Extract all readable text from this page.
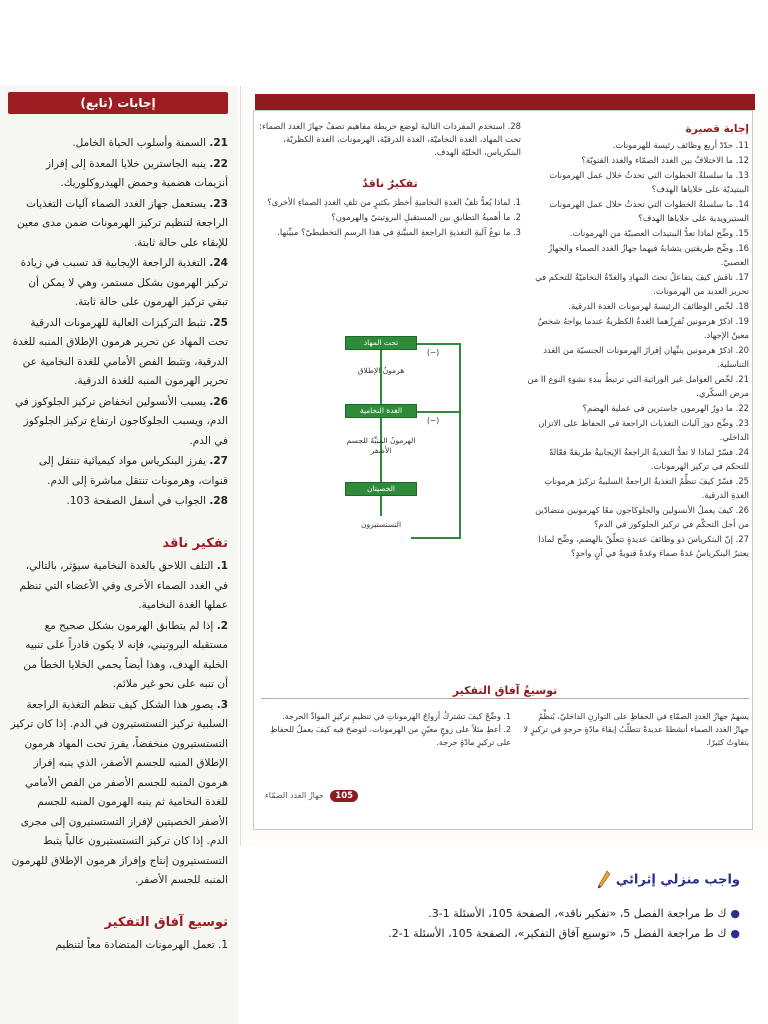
إجابات (تابع)

21. السمنة وأسلوب الحياة الخامل.

22. ينبه الجاسترين خلايا المعدة إلى إفراز أنزيمات هضمية وحمض الهيدروكلوريك.

23. يستعمل جهاز الغدد الصماء آليات التغذيات الراجعة لتنظيم تركيز الهرمونات ضمن مدى معين للإبقاء على حالة ثابتة.

24. التغذية الراجعة الإيجابية قد تسبب في زيادة تركيز الهرمون بشكل مستمر، وهي لا يمكن أن تبقي تركيز الهرمون على حالة ثابتة.

25. تثبط التركيزات العالية للهرمونات الدرقية تحت المهاد عن تحرير هرمون الإطلاق المنبه للغدة الدرقية، وتثبط الفص الأمامي للغدة النخامية عن تحرير الهرمون المنبه للغدة الدرقية.

26. يسبب الأنسولين انخفاض تركيز الجلوكوز في الدم، ويسبب الجلوكاجون ارتفاع تركيز الجلوكوز في الدم.

27. يفرز البنكرياس مواد كيميائية تنتقل إلى قنوات، وهرمونات تنتقل مباشرة إلى الدم.

28. الجواب في أسفل الصفحة 103.

تفكير ناقد

1. التلف اللاحق بالغدة النخامية سيؤثر، بالتالي، في الغدد الصماء الأخرى وفي الأعضاء التي تنظم عملها الغدة النخامية.

2. إذا لم يتطابق الهرمون بشكل صحيح مع مستقبله البروتيني، فإنه لا يكون قادراً على تنبيه الخلية الهدف، وهذا أيضاً يحمي الخلايا الخطأ من أن تنبه على نحو غير ملائم.

3. يصور هذا الشكل كيف تنظم التغذية الراجعة السلبية تركيز التستستيرون في الدم. إذا كان تركيز التستستيرون منخفضاً، يفرز تحت المهاد هرمون الإطلاق المنبه للجسم الأصفر، الذي ينبه إفراز هرمون المنبه للجسم الأصفر من الفص الأمامي للغدة النخامية ثم ينبه الهرمون المنبه للجسم الأصفر الخصيتين لإفراز التستستيرون إلى مجرى الدم. إذا كان تركيز التستستيرون عالياً يثبط التستستيرون إنتاج وإفراز هرمون الإطلاق للهرمون المنبه للجسم الأصفر.

توسيع آفاق التفكير

1. تعمل الهرمونات المتضادة معاً لتنظيم

إجابة قصيرة
11. حدّدْ أربع وظائف رئيسة للهرمونات.
12. ما الاختلافُ بين الغدد الصمّاء والغدد القنويّة؟
13. ما سلسلةُ الخطوات التي تحدثُ خلال عمل الهرمونات الببتيديّة على خلاياها الهدف؟
14. ما سلسلةُ الخطوات التي تحدثُ خلال عمل الهرمونات الستيرويدية على خلاياها الهدف؟
15. وضِّح لماذا تعدُّ الببتيدات العصبيّة من الهرمونات.
16. وضِّح طريقتين يتشابهُ فيهما جهازُ الغدد الصماء والجهازُ العصبيّ.
17. ناقش كيفَ يتفاعلُ تحتَ المهادِ والغدّةُ النخاميّةُ للتحكم في تحرير العديد من الهرمونات.
18. لخّص الوظائفَ الرئيسةَ لهرمونات الغدة الدرقية.
19. اذكرْ هرمونين تُفرِزُهما الغدةُ الكظريةُ عندما يواجهُ شخصٌ معينٌ الإجهاد.
20. اذكرْ هرمونين ينبِّهان إفرازَ الهرمونات الجنسيّة من الغدد التناسلية.
21. لخّص العوامل غير الوراثية التي ترتبطُ ببدءِ نشوءِ النوع II من مرض السكّري.
22. ما دورُ الهرمون جاسترين في عملية الهضم؟
23. وضِّح دورَ آليات التغذيات الراجعة في الحفاظ على الاتزان الداخلي.
24. فسّرْ لماذا لا تعدُّ التغذيةُ الراجعةُ الإيجابيةُ طريقةً فعّالةً للتحكم في تركيز الهرمونات.
25. فسّرْ كيفَ تنظِّمُ التغذيةُ الراجعةُ السلبيةُ تركيزَ هرموناتِ الغدةِ الدرقية.
26. كيفَ يعملُ الأنسولين والجلوكاجون معًا كهرمونين متضادّين من أجل التحكّم في تركيز الجلوكوز في الدم؟
27. إنّ البنكرياسَ ذو وظائفَ عديدةٍ تتعلّقُ بالهضم، وضِّح لماذا يعتبرُ البنكرياسُ غدةً صماءَ وغدةً قنويةً في آنٍ واحدٍ؟
28. استخدم المفردات التالية لوضع خريطة مفاهيم تصفُ جهازَ الغدد الصماء: تحت المهاد، الغدة النخاميّة، الغدة الدرقيّة، الهرمونات، الغدة الكظريّة، البنكرياس، الخليّة الهدف.
تفكيرٌ ناقدٌ
1. لماذا يُعدُّ تلفُ الغدةِ النخاميةِ أخطرَ بكثيرٍ من تلفِ الغددِ الصماءِ الأخرى؟
2. ما أهميةُ التطابقِ بين المستقبلِ البروتينيّ والهرمون؟
3. ما نوعُ آليةِ التغذيةِ الراجعةِ المبيَّنةِ في هذا الرسمِ التخطيطيّ؟ مبيِّنها.
تحت المهاد
هرمونُ الإطلاق
الغدة النخامية
الهرمونُ المنبِّهُ للجسم الأصفر
الخصيتان
التستستيرون
(−)
(−)
توسيعُ آفاق التفكير
يسهمُ جهازُ الغددِ الصمّاءِ في الحفاظِ على التوازنِ الداخليّ، يُنظِّمُ جهازُ الغدد الصماء أنشطةً عديدةً تتطلّبُ إبقاءَ مادّةٍ حرجةٍ في تركيزٍ لا يتفاوتُ كثيرًا.
1. وضِّحْ كيفَ تشتركُ أزواجُ الهرموناتِ في تنظيمِ تركيزِ الموادِّ الحرجة.
2. أعطِ مثلاً على زوجٍ معيّنٍ من الهرمونات، لتوضحَ فيه كيفَ يعملُ للحفاظِ على تركيزِ مادّةٍ حرجة.
105 جهازُ الغدد الصمّاء
واجب منزلي إثرائي
●ك ط مراجعة الفصل 5، «تفكير ناقد»، الصفحة 105، الأسئلة 1-3.
●ك ط مراجعة الفصل 5، «توسيع آفاق التفكير»، الصفحة 105، الأسئلة 1-2.
